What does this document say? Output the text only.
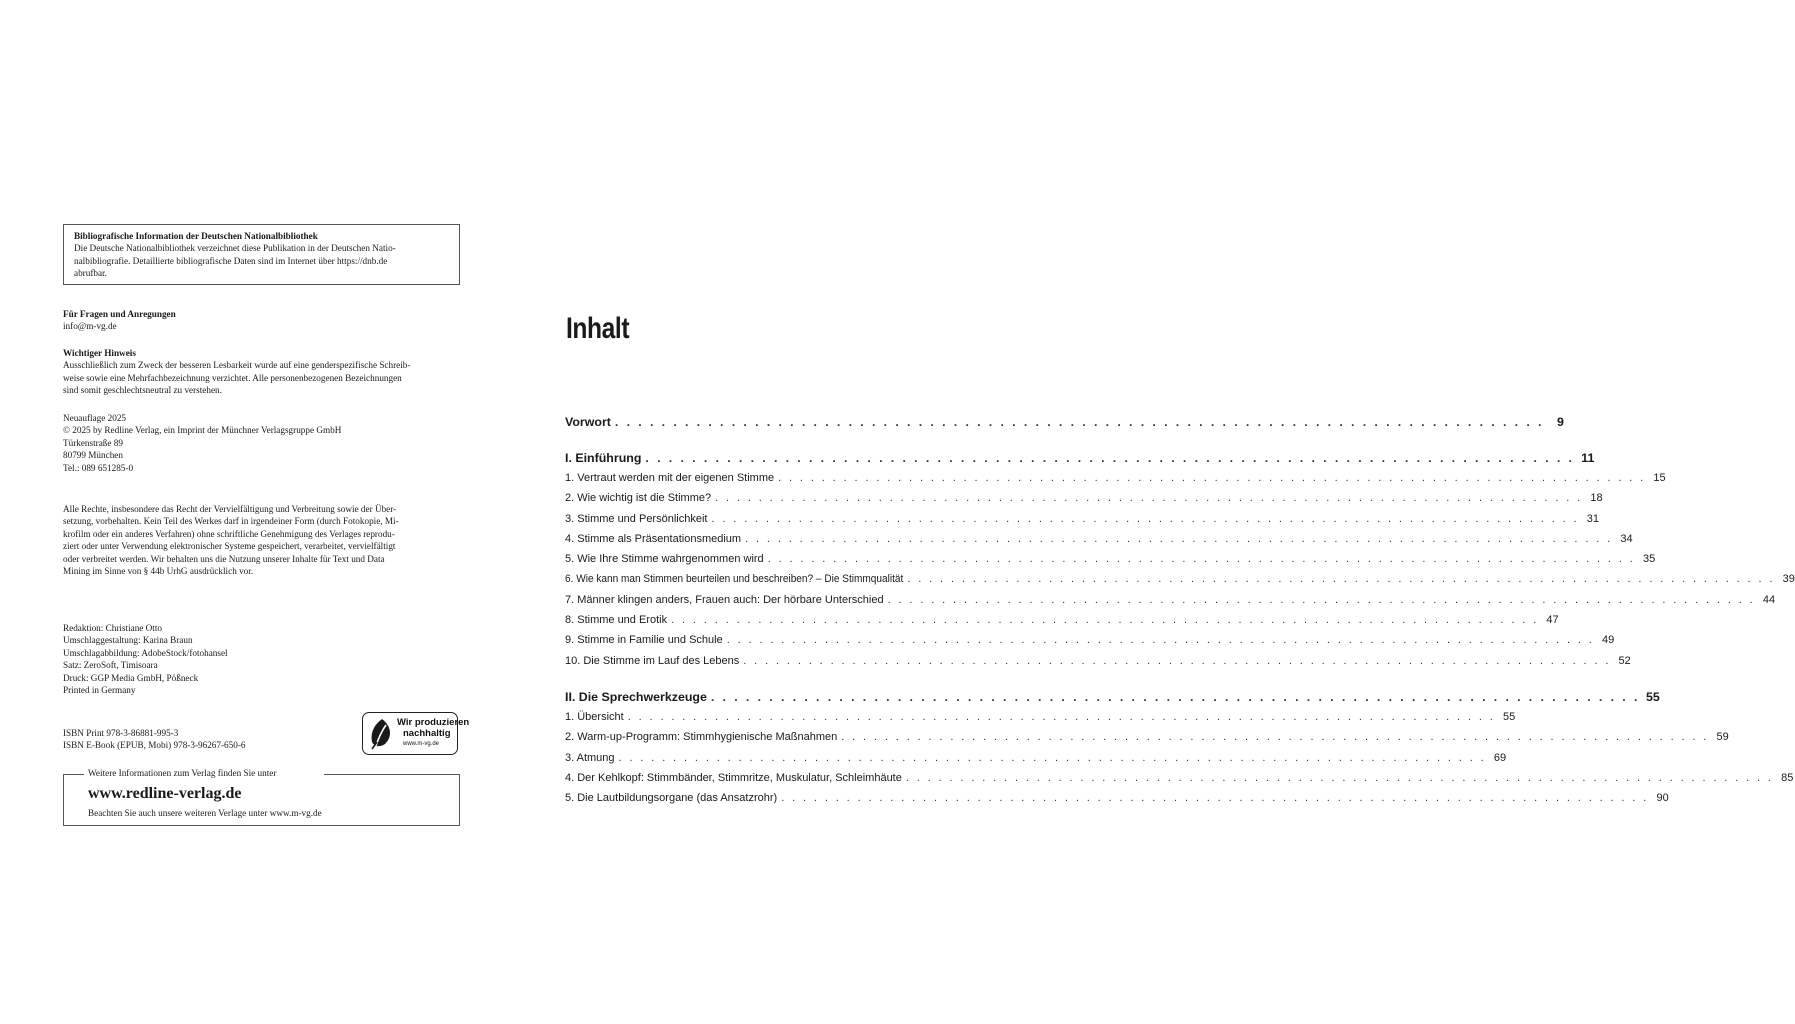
Bibliografische Information der Deutschen Nationalbibliothek
Die Deutsche Nationalbibliothek verzeichnet diese Publikation in der Deutschen Natio-
nalbibliografie. Detaillierte bibliografische Daten sind im Internet über https://dnb.de
abrufbar.
Für Fragen und Anregungen
info@m-vg.de
Wichtiger Hinweis
Ausschließlich zum Zweck der besseren Lesbarkeit wurde auf eine genderspezifische Schreib-
weise sowie eine Mehrfachbezeichnung verzichtet. Alle personenbezogenen Bezeichnungen
sind somit geschlechtsneutral zu verstehen.
Neuauflage 2025
© 2025 by Redline Verlag, ein Imprint der Münchner Verlagsgruppe GmbH
Türkenstraße 89
80799 München
Tel.: 089 651285-0
Alle Rechte, insbesondere das Recht der Vervielfältigung und Verbreitung sowie der Über-
setzung, vorbehalten. Kein Teil des Werkes darf in irgendeiner Form (durch Fotokopie, Mi-
krofilm oder ein anderes Verfahren) ohne schriftliche Genehmigung des Verlages reprodu-
ziert oder unter Verwendung elektronischer Systeme gespeichert, verarbeitet, vervielfältigt
oder verbreitet werden. Wir behalten uns die Nutzung unserer Inhalte für Text und Data
Mining im Sinne von § 44b UrhG ausdrücklich vor.
Redaktion: Christiane Otto
Umschlaggestaltung: Karina Braun
Umschlagabbildung: AdobeStock/fotohansel
Satz: ZeroSoft, Timisoara
Druck: GGP Media GmbH, Pößneck
Printed in Germany
ISBN Print 978-3-86881-995-3
ISBN E-Book (EPUB, Mobi) 978-3-96267-650-6
Wir produzieren
nachhaltig
www.m-vg.de
Weitere Informationen zum Verlag finden Sie unter
www.redline-verlag.de
Beachten Sie auch unsere weiteren Verlage unter www.m-vg.de
Inhalt
Vorwort . . . . . . . . . . . . . . . . . . . . . . . . . . . . . . . . . . . . . . . . . . . . . . . . . . . . . . . . . . . . . . . . . . . . . . . . . . . . . . . .	9
I. Einführung . . . . . . . . . . . . . . . . . . . . . . . . . . . . . . . . . . . . . . . . . . . . . . . . . . . . . . . . . . . . . . . . . . . . . . . . . . . . . . . . 11
1. Vertraut werden mit der eigenen Stimme . . . . . . . . . . . . . . . . . . . . . . . . . . . . . . . . . . . . . . . . . . . . . . . . . . . . . . . . . . . . . . . . . . . . . . . . . . . . . . . . 15
2. Wie wichtig ist die Stimme? . . . . . . . . . . . . . . . . . . . . . . . . . . . . . . . . . . . . . . . . . . . . . . . . . . . . . . . . . . . . . . . . . . . . . . . . . . . . . . . . 18
3. Stimme und Persönlichkeit . . . . . . . . . . . . . . . . . . . . . . . . . . . . . . . . . . . . . . . . . . . . . . . . . . . . . . . . . . . . . . . . . . . . . . . . . . . . . . . . 31
4. Stimme als Präsentationsmedium . . . . . . . . . . . . . . . . . . . . . . . . . . . . . . . . . . . . . . . . . . . . . . . . . . . . . . . . . . . . . . . . . . . . . . . . . . . . . . . . 34
5. Wie Ihre Stimme wahrgenommen wird . . . . . . . . . . . . . . . . . . . . . . . . . . . . . . . . . . . . . . . . . . . . . . . . . . . . . . . . . . . . . . . . . . . . . . . . . . . . . . . . 35
6. Wie kann man Stimmen beurteilen und beschreiben? – Die Stimmqualität . . . . . . . . . . . . . . . . . . . . . . . . . . . . . . . . . . . . . . . . . . . . . . . . . . . . . . . . . . . . . . . . . . . . . . . . . . . . . . . . 39
7. Männer klingen anders, Frauen auch: Der hörbare Unterschied . . . . . . . . . . . . . . . . . . . . . . . . . . . . . . . . . . . . . . . . . . . . . . . . . . . . . . . . . . . . . . . . . . . . . . . . . . . . . . . . 44
8. Stimme und Erotik . . . . . . . . . . . . . . . . . . . . . . . . . . . . . . . . . . . . . . . . . . . . . . . . . . . . . . . . . . . . . . . . . . . . . . . . . . . . . . . . 47
9. Stimme in Familie und Schule . . . . . . . . . . . . . . . . . . . . . . . . . . . . . . . . . . . . . . . . . . . . . . . . . . . . . . . . . . . . . . . . . . . . . . . . . . . . . . . . 49
10. Die Stimme im Lauf des Lebens . . . . . . . . . . . . . . . . . . . . . . . . . . . . . . . . . . . . . . . . . . . . . . . . . . . . . . . . . . . . . . . . . . . . . . . . . . . . . . . . 52
II. Die Sprechwerkzeuge . . . . . . . . . . . . . . . . . . . . . . . . . . . . . . . . . . . . . . . . . . . . . . . . . . . . . . . . . . . . . . . . . . . . . . . . . . . . . . . . 55
1. Übersicht . . . . . . . . . . . . . . . . . . . . . . . . . . . . . . . . . . . . . . . . . . . . . . . . . . . . . . . . . . . . . . . . . . . . . . . . . . . . . . . . 55
2. Warm-up-Programm: Stimmhygienische Maßnahmen . . . . . . . . . . . . . . . . . . . . . . . . . . . . . . . . . . . . . . . . . . . . . . . . . . . . . . . . . . . . . . . . . . . . . . . . . . . . . . . . 59
3. Atmung . . . . . . . . . . . . . . . . . . . . . . . . . . . . . . . . . . . . . . . . . . . . . . . . . . . . . . . . . . . . . . . . . . . . . . . . . . . . . . . . 69
4. Der Kehlkopf: Stimmbänder, Stimmritze, Muskulatur, Schleimhäute . . . . . . . . . . . . . . . . . . . . . . . . . . . . . . . . . . . . . . . . . . . . . . . . . . . . . . . . . . . . . . . . . . . . . . . . . . . . . . . . 85
5. Die Lautbildungsorgane (das Ansatzrohr) . . . . . . . . . . . . . . . . . . . . . . . . . . . . . . . . . . . . . . . . . . . . . . . . . . . . . . . . . . . . . . . . . . . . . . . . . . . . . . . . 90
